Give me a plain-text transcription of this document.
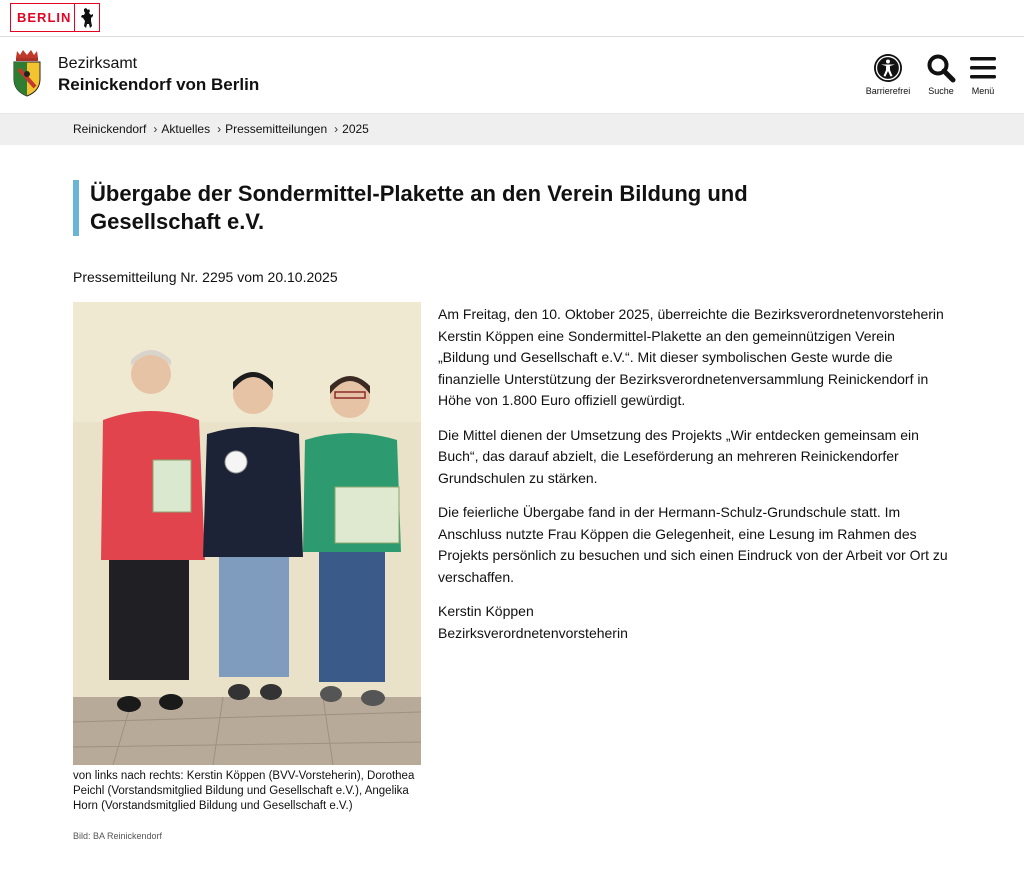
BERLIN
Bezirksamt
Reinickendorf von Berlin	Barrierefrei Suche Menü
Reinickendorf › Aktuelles › Pressemitteilungen › 2025
Übergabe der Sondermittel-Plakette an den Verein Bildung und Gesellschaft e.V.
Pressemitteilung Nr. 2295 vom 20.10.2025
von links nach rechts: Kerstin Köppen (BVV-Vorsteherin), Dorothea Peichl (Vorstandsmitglied Bildung und Gesellschaft e.V.), Angelika Horn (Vorstandsmitglied Bildung und Gesellschaft e.V.)
Bild: BA Reinickendorf

Am Freitag, den 10. Oktober 2025, überreichte die Bezirksverordnetenvorsteherin Kerstin Köppen eine Sondermittel-Plakette an den gemeinnützigen Verein „Bildung und Gesellschaft e.V.“. Mit dieser symbolischen Geste wurde die finanzielle Unterstützung der Bezirksverordnetenversammlung Reinickendorf in Höhe von 1.800 Euro offiziell gewürdigt.

Die Mittel dienen der Umsetzung des Projekts „Wir entdecken gemeinsam ein Buch“, das darauf abzielt, die Leseförderung an mehreren Reinickendorfer Grundschulen zu stärken.

Die feierliche Übergabe fand in der Hermann-Schulz-Grundschule statt. Im Anschluss nutzte Frau Köppen die Gelegenheit, eine Lesung im Rahmen des Projekts persönlich zu besuchen und sich einen Eindruck von der Arbeit vor Ort zu verschaffen.

Kerstin Köppen
Bezirksverordnetenvorsteherin
